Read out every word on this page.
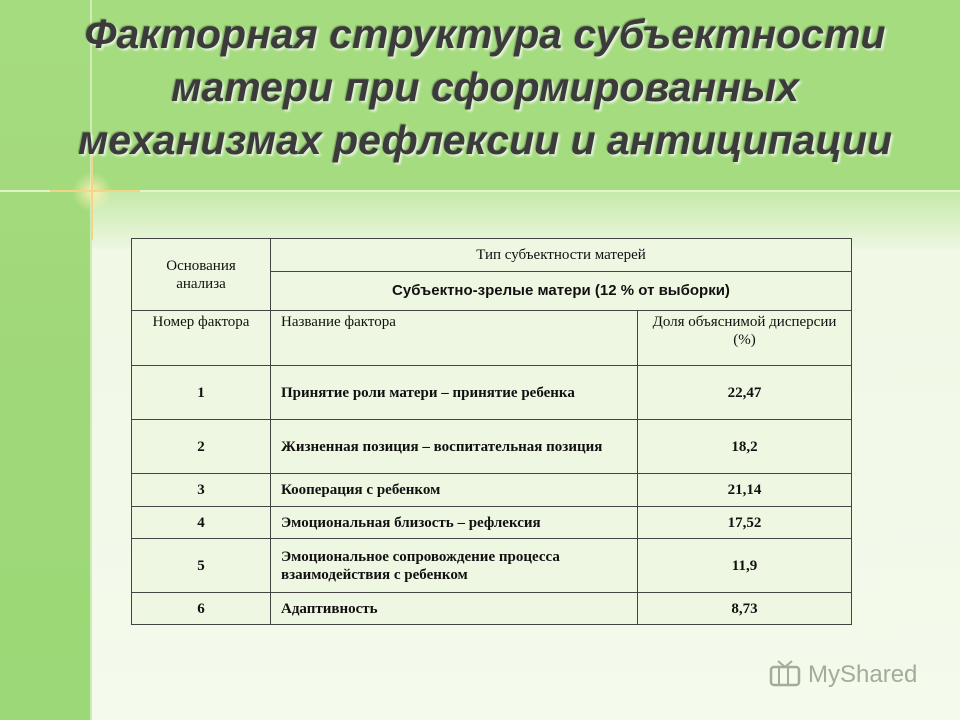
Факторная структура субъектности матери при сформированных механизмах рефлексии и антиципации
Основания анализа	Тип субъектности матерей	
	Субъектно-зрелые матери (12 % от выборки)	
Номер фактора	Название фактора	Доля объяснимой дисперсии (%)
1	Принятие роли матери – принятие ребенка	22,47
2	Жизненная позиция – воспитательная позиция	18,2
3	Кооперация с ребенком	21,14
4	Эмоциональная близость – рефлексия	17,52
5	Эмоциональное сопровождение процесса взаимодействия с ребенком	11,9
6	Адаптивность	8,73
MyShared
